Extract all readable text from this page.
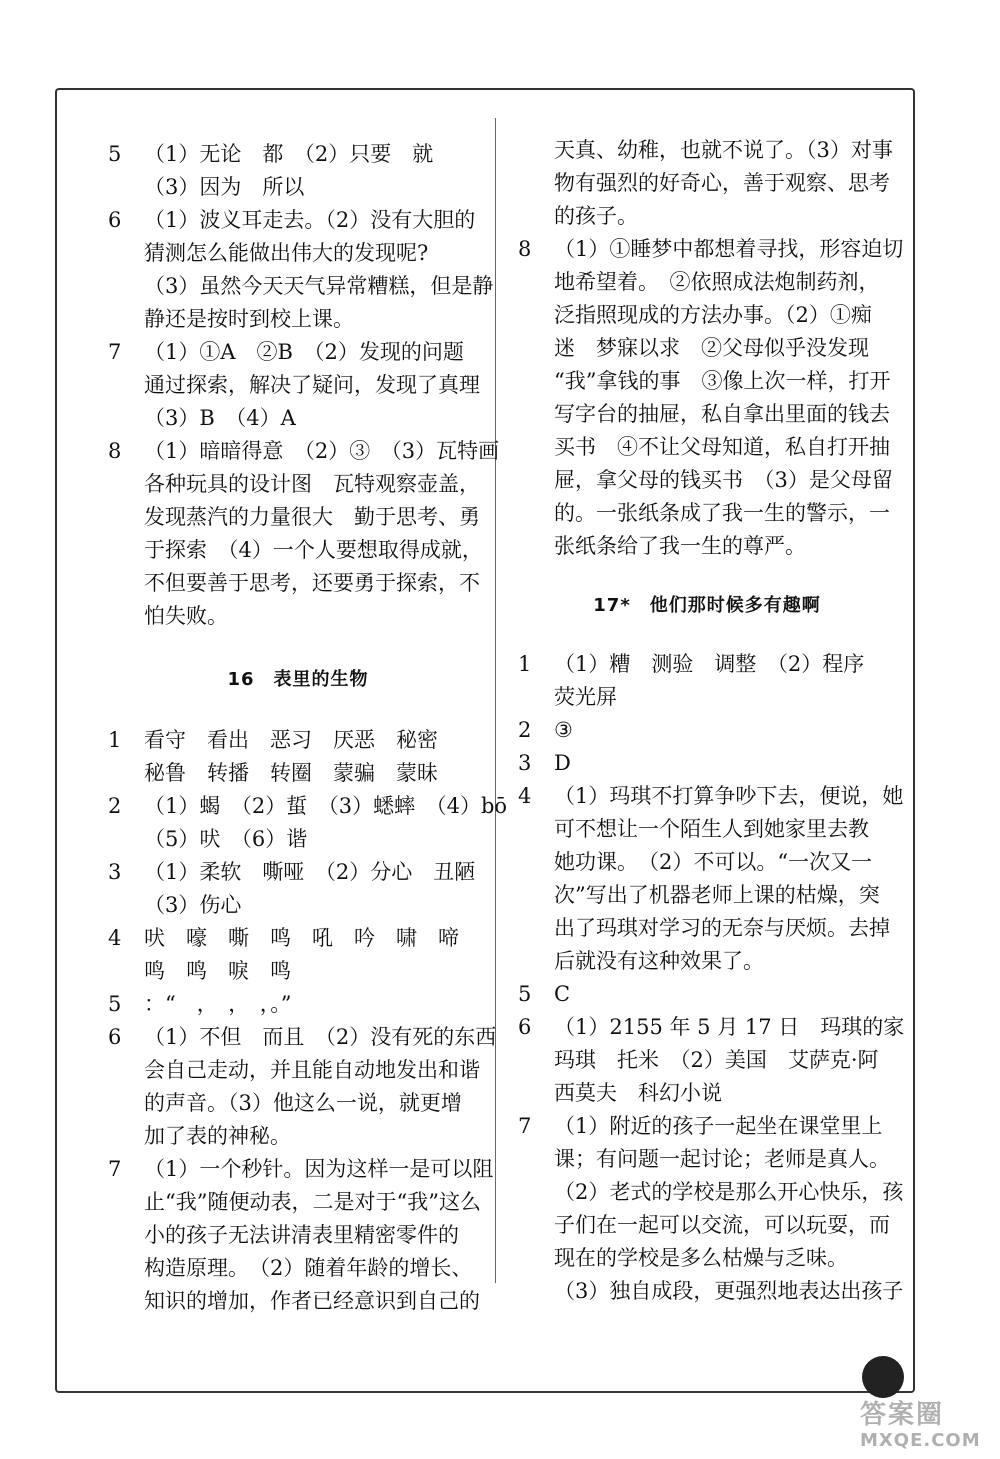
5	（1）无论　都　（2）只要　就
（3）因为　所以
6	（1）波义耳走去。（2）没有大胆的
猜测怎么能做出伟大的发现呢?
（3）虽然今天天气异常糟糕，但是静
静还是按时到校上课。
7	（1）①A　②B　（2）发现的问题
通过探索，解决了疑问，发现了真理
（3）B　（4）A
8	（1）暗暗得意　（2）③　（3）瓦特画
各种玩具的设计图　瓦特观察壶盖，
发现蒸汽的力量很大　勤于思考、勇
于探索　（4）一个人要想取得成就，
不但要善于思考，还要勇于探索，不
怕失败。
16　表里的生物
1	看守　看出　恶习　厌恶　秘密
秘鲁　转播　转圈　蒙骗　蒙昧
2	（1）蝎　（2）蜇　（3）蟋蟀　（4）bō
（5）吠　（6）谐
3	（1）柔软　嘶哑　（2）分心　丑陋
（3）伤心
4	吠　嚎　嘶　鸣　吼　吟　啸　啼
鸣　鸣　唳　鸣
5	：“　，　，　，。”
6	（1）不但　而且　（2）没有死的东西
会自己走动，并且能自动地发出和谐
的声音。（3）他这么一说，就更增
加了表的神秘。
7	（1）一个秒针。因为这样一是可以阻
止“我”随便动表，二是对于“我”这么
小的孩子无法讲清表里精密零件的
构造原理。　（2）随着年龄的增长、
知识的增加，作者已经意识到自己的
天真、幼稚，也就不说了。（3）对事
物有强烈的好奇心，善于观察、思考
的孩子。
8	（1）①睡梦中都想着寻找，形容迫切
地希望着。　②依照成法炮制药剂，
泛指照现成的方法办事。（2）①痴
迷　梦寐以求　②父母似乎没发现
“我”拿钱的事　③像上次一样，打开
写字台的抽屉，私自拿出里面的钱去
买书　④不让父母知道，私自打开抽
屉，拿父母的钱买书　（3）是父母留
的。一张纸条成了我一生的警示，一
张纸条给了我一生的尊严。
17*　他们那时候多有趣啊
1	（1）糟　测验　调整　（2）程序
荧光屏
2	③
3	D
4	（1）玛琪不打算争吵下去，便说，她
可不想让一个陌生人到她家里去教
她功课。　（2）不可以。“一次又一
次”写出了机器老师上课的枯燥，突
出了玛琪对学习的无奈与厌烦。去掉
后就没有这种效果了。
5	C
6	（1）2155 年 5 月 17 日　玛琪的家
玛琪　托米　（2）美国　艾萨克·阿
西莫夫　科幻小说
7	（1）附近的孩子一起坐在课堂里上
课；有问题一起讨论；老师是真人。
（2）老式的学校是那么开心快乐，孩
子们在一起可以交流，可以玩耍，而
现在的学校是多么枯燥与乏味。
（3）独自成段，更强烈地表达出孩子
答案圈
MXQE.COM
